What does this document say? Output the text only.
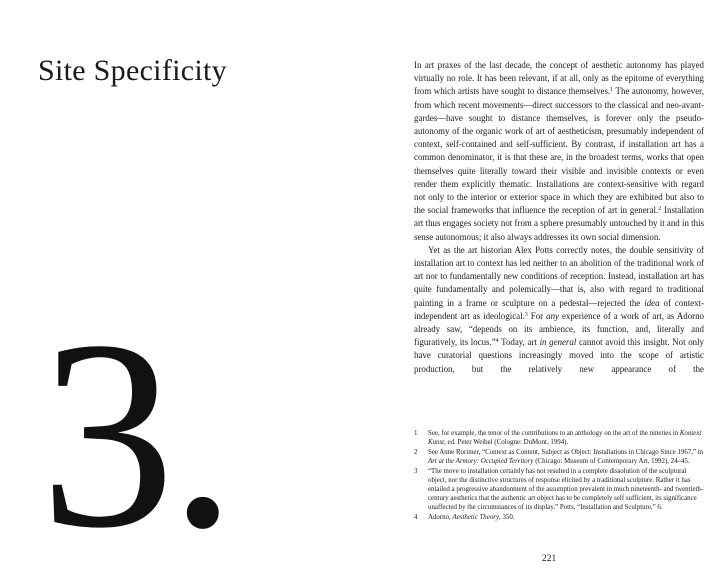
Site Specificity
3.

In art praxes of the last decade, the concept of aesthetic autonomy has played virtually no role. It has been relevant, if at all, only as the epitome of everything from which artists have sought to distance themselves.$^1$ The autonomy, however, from which recent movements—direct successors to the classical and neo-avant-gardes—have sought to distance themselves, is forever only the pseudo-autonomy of the organic work of art of aestheticism, presumably independent of context, self-contained and self-sufficient. By contrast, if installation art has a common denominator, it is that these are, in the broadest terms, works that open themselves quite literally toward their visible and invisible contexts or even render them explicitly thematic. Installations are context-sensitive with regard not only to the interior or exterior space in which they are exhibited but also to the social frameworks that influence the reception of art in general.$^2$ Installation art thus engages society not from a sphere presumably untouched by it and in this sense autonomous; it also always addresses its own social dimension.

Yet as the art historian Alex Potts correctly notes, the double sensitivity of installation art to context has led neither to an abolition of the traditional work of art nor to fundamentally new conditions of reception. Instead, installation art has quite fundamentally and polemically—that is, also with regard to traditional painting in a frame or sculpture on a pedestal—rejected the idea of context-independent art as ideological.$^3$ For any experience of a work of art, as Adorno already saw, “depends on its ambience, its function, and, literally and figuratively, its locus.”$^4$ Today, art in general cannot avoid this insight. Not only have curatorial questions increasingly moved into the scope of artistic production, but the relatively new appearance of the

1	See, for example, the tenor of the contributions to an anthology on the art of the nineties in Kontext Kunst, ed. Peter Weibel (Cologne: DuMont, 1994).
2	See Anne Rorimer, “Context as Content, Subject as Object: Installations in Chicago Since 1967,” in Art at the Armory: Occupied Territory (Chicago: Museum of Contemporary Art, 1992), 24–45.
3	“The move to installation certainly has not resulted in a complete dissolution of the sculptural object, nor the distinctive structures of response elicited by a traditional sculpture. Rather it has entailed a progressive abandonment of the assumption prevalent in much nineteenth- and twentieth-century aesthetics that the authentic art object has to be completely self sufficient, its significance unaffected by the circumstances of its display.” Potts, “Installation and Sculpture,” 6.
4	Adorno, Aesthetic Theory, 350.
221
